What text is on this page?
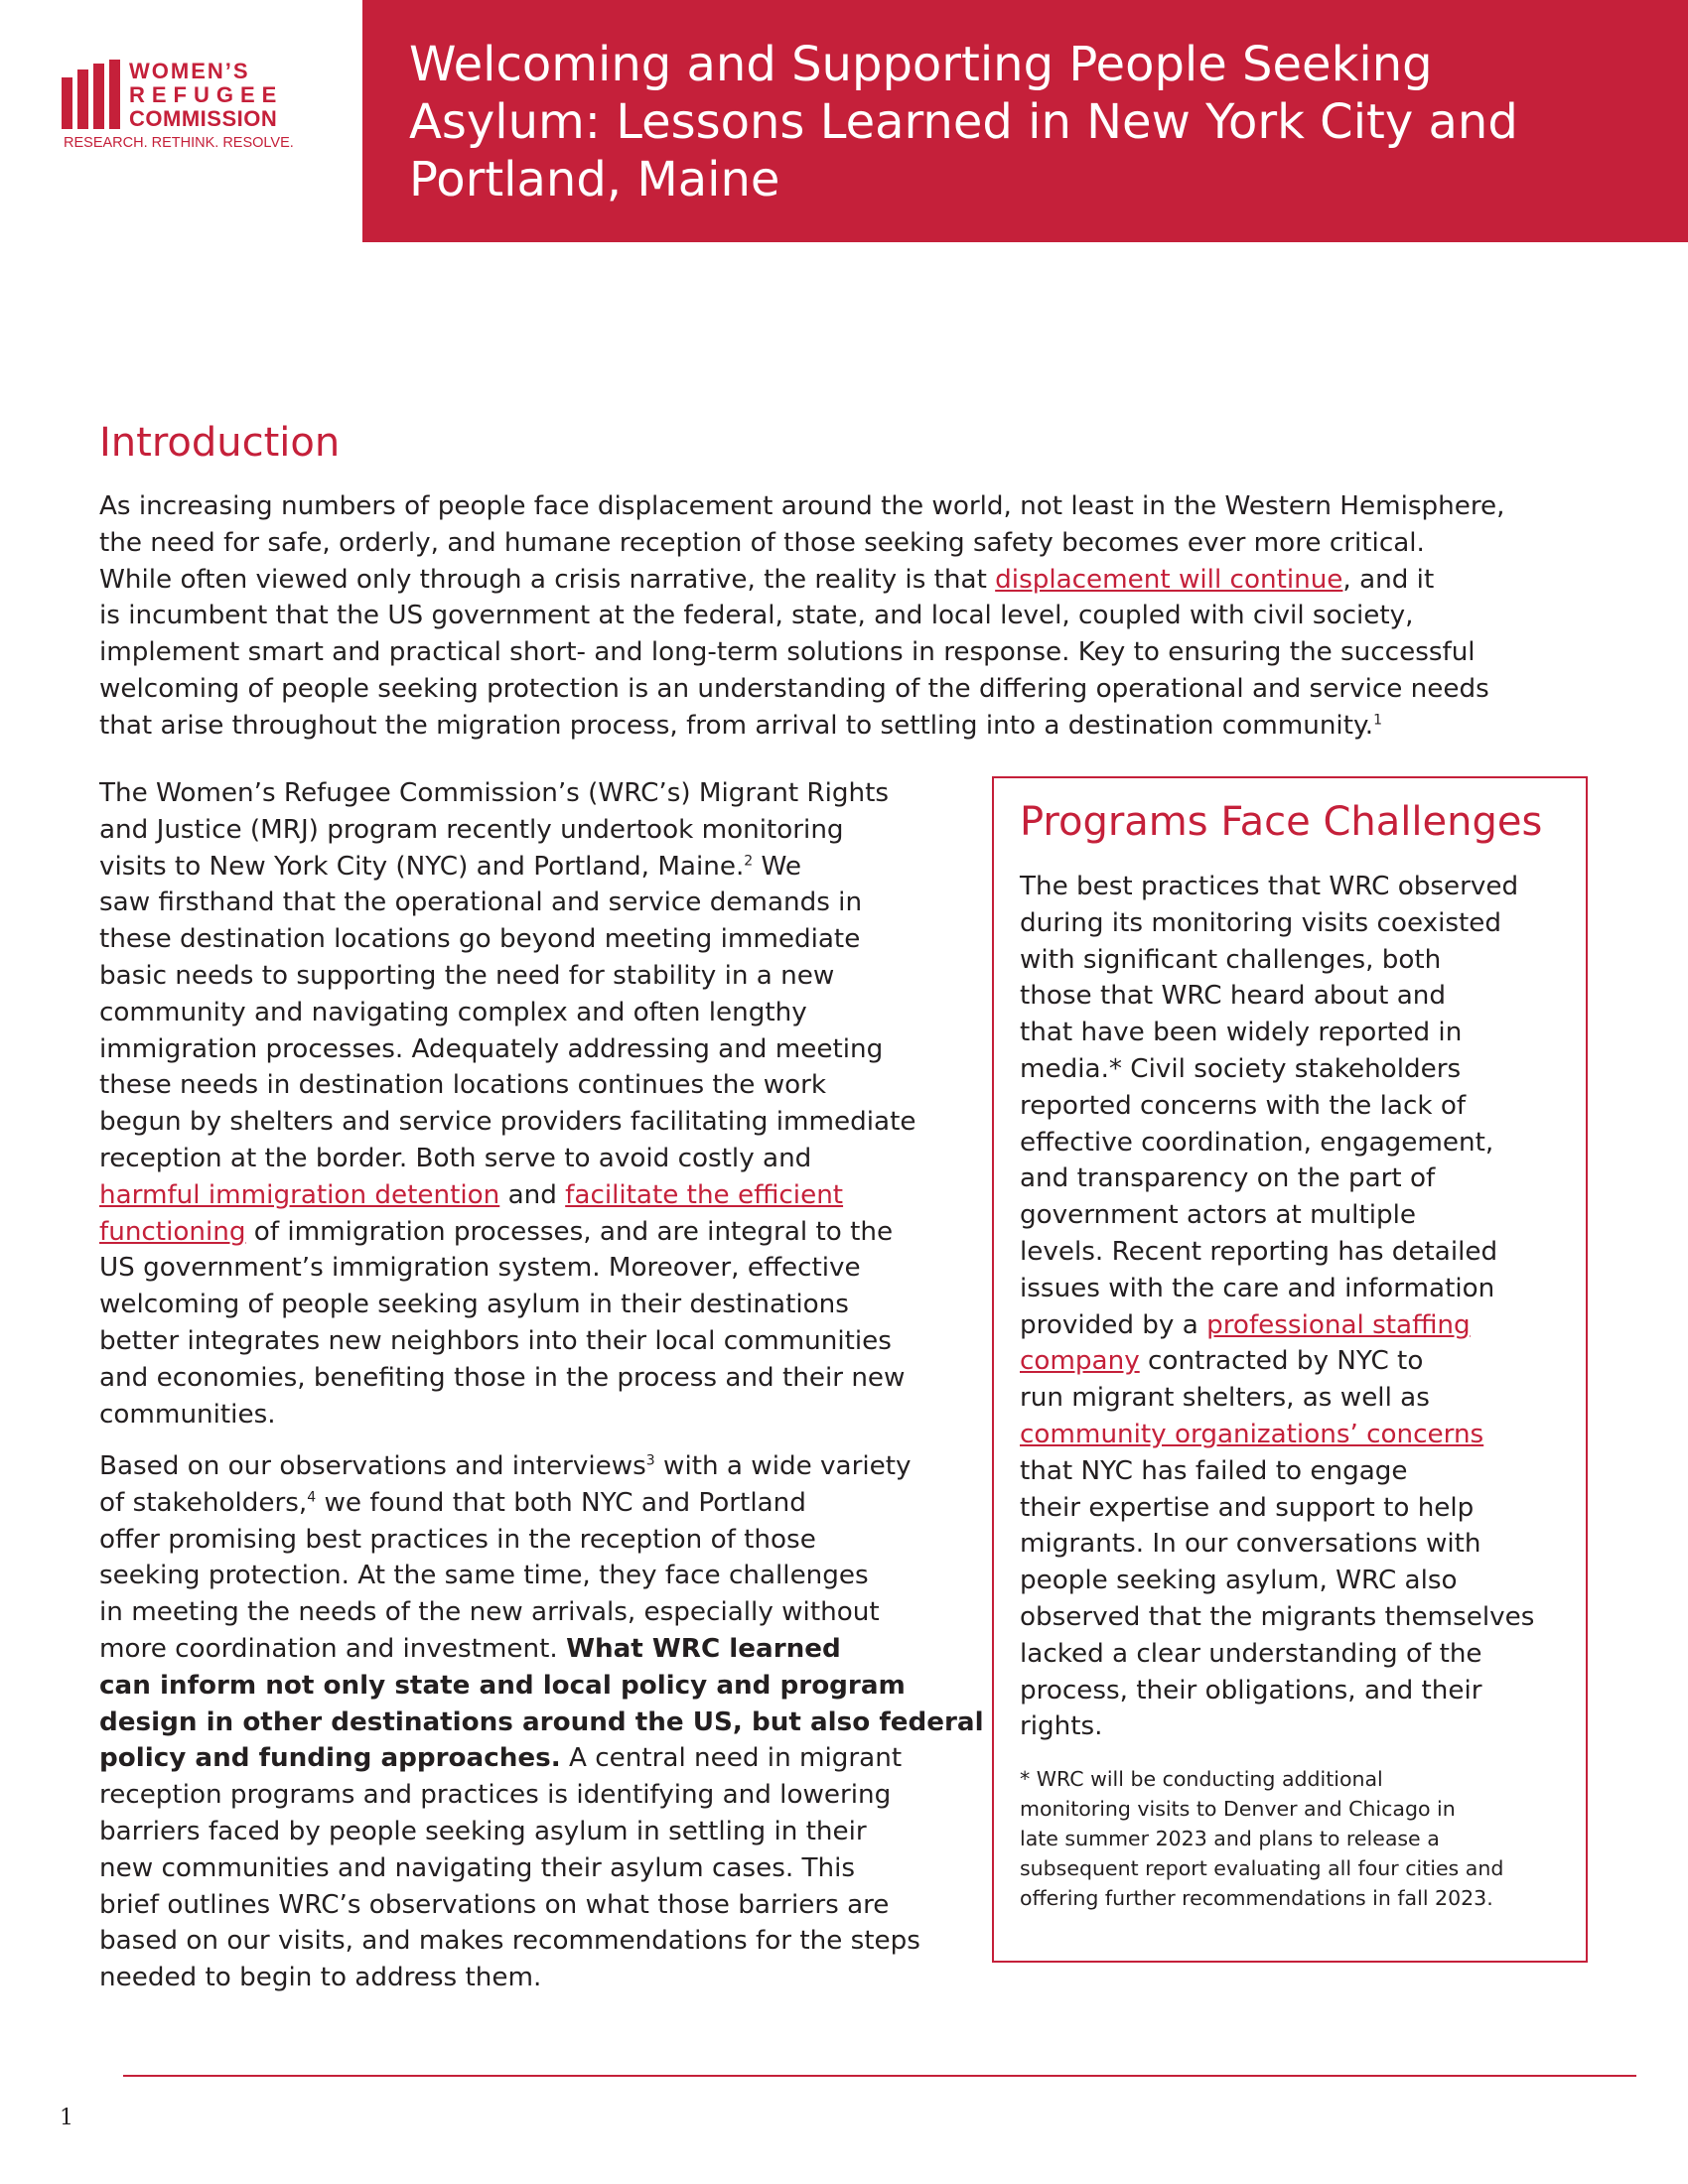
WOMEN’S
REFUGEE
COMMISSION
RESEARCH. RETHINK. RESOLVE.
Welcoming and Supporting People Seeking
Asylum: Lessons Learned in New York City and
Portland, Maine
Introduction

As increasing numbers of people face displacement around the world, not least in the Western Hemisphere,
the need for safe, orderly, and humane reception of those seeking safety becomes ever more critical.
While often viewed only through a crisis narrative, the reality is that displacement will continue, and it
is incumbent that the US government at the federal, state, and local level, coupled with civil society,
implement smart and practical short- and long-term solutions in response. Key to ensuring the successful
welcoming of people seeking protection is an understanding of the differing operational and service needs
that arise throughout the migration process, from arrival to settling into a destination community.$^1$

The Women’s Refugee Commission’s (WRC’s) Migrant Rights
and Justice (MRJ) program recently undertook monitoring
visits to New York City (NYC) and Portland, Maine.$^2$ We
saw firsthand that the operational and service demands in
these destination locations go beyond meeting immediate
basic needs to supporting the need for stability in a new
community and navigating complex and often lengthy
immigration processes. Adequately addressing and meeting
these needs in destination locations continues the work
begun by shelters and service providers facilitating immediate
reception at the border. Both serve to avoid costly and
harmful immigration detention and facilitate the efficient
functioning of immigration processes, and are integral to the
US government’s immigration system. Moreover, effective
welcoming of people seeking asylum in their destinations
better integrates new neighbors into their local communities
and economies, benefiting those in the process and their new
communities.

Based on our observations and interviews$^3$ with a wide variety
of stakeholders,$^4$ we found that both NYC and Portland
offer promising best practices in the reception of those
seeking protection. At the same time, they face challenges
in meeting the needs of the new arrivals, especially without
more coordination and investment. What WRC learned
can inform not only state and local policy and program
design in other destinations around the US, but also federal
policy and funding approaches. A central need in migrant
reception programs and practices is identifying and lowering
barriers faced by people seeking asylum in settling in their
new communities and navigating their asylum cases. This
brief outlines WRC’s observations on what those barriers are
based on our visits, and makes recommendations for the steps
needed to begin to address them.

Programs Face Challenges

The best practices that WRC observed
during its monitoring visits coexisted
with significant challenges, both
those that WRC heard about and
that have been widely reported in
media.* Civil society stakeholders
reported concerns with the lack of
effective coordination, engagement,
and transparency on the part of
government actors at multiple
levels. Recent reporting has detailed
issues with the care and information
provided by a professional staffing
company contracted by NYC to
run migrant shelters, as well as
community organizations’ concerns
that NYC has failed to engage
their expertise and support to help
migrants. In our conversations with
people seeking asylum, WRC also
observed that the migrants themselves
lacked a clear understanding of the
process, their obligations, and their
rights.

* WRC will be conducting additional
monitoring visits to Denver and Chicago in
late summer 2023 and plans to release a
subsequent report evaluating all four cities and
offering further recommendations in fall 2023.

1
